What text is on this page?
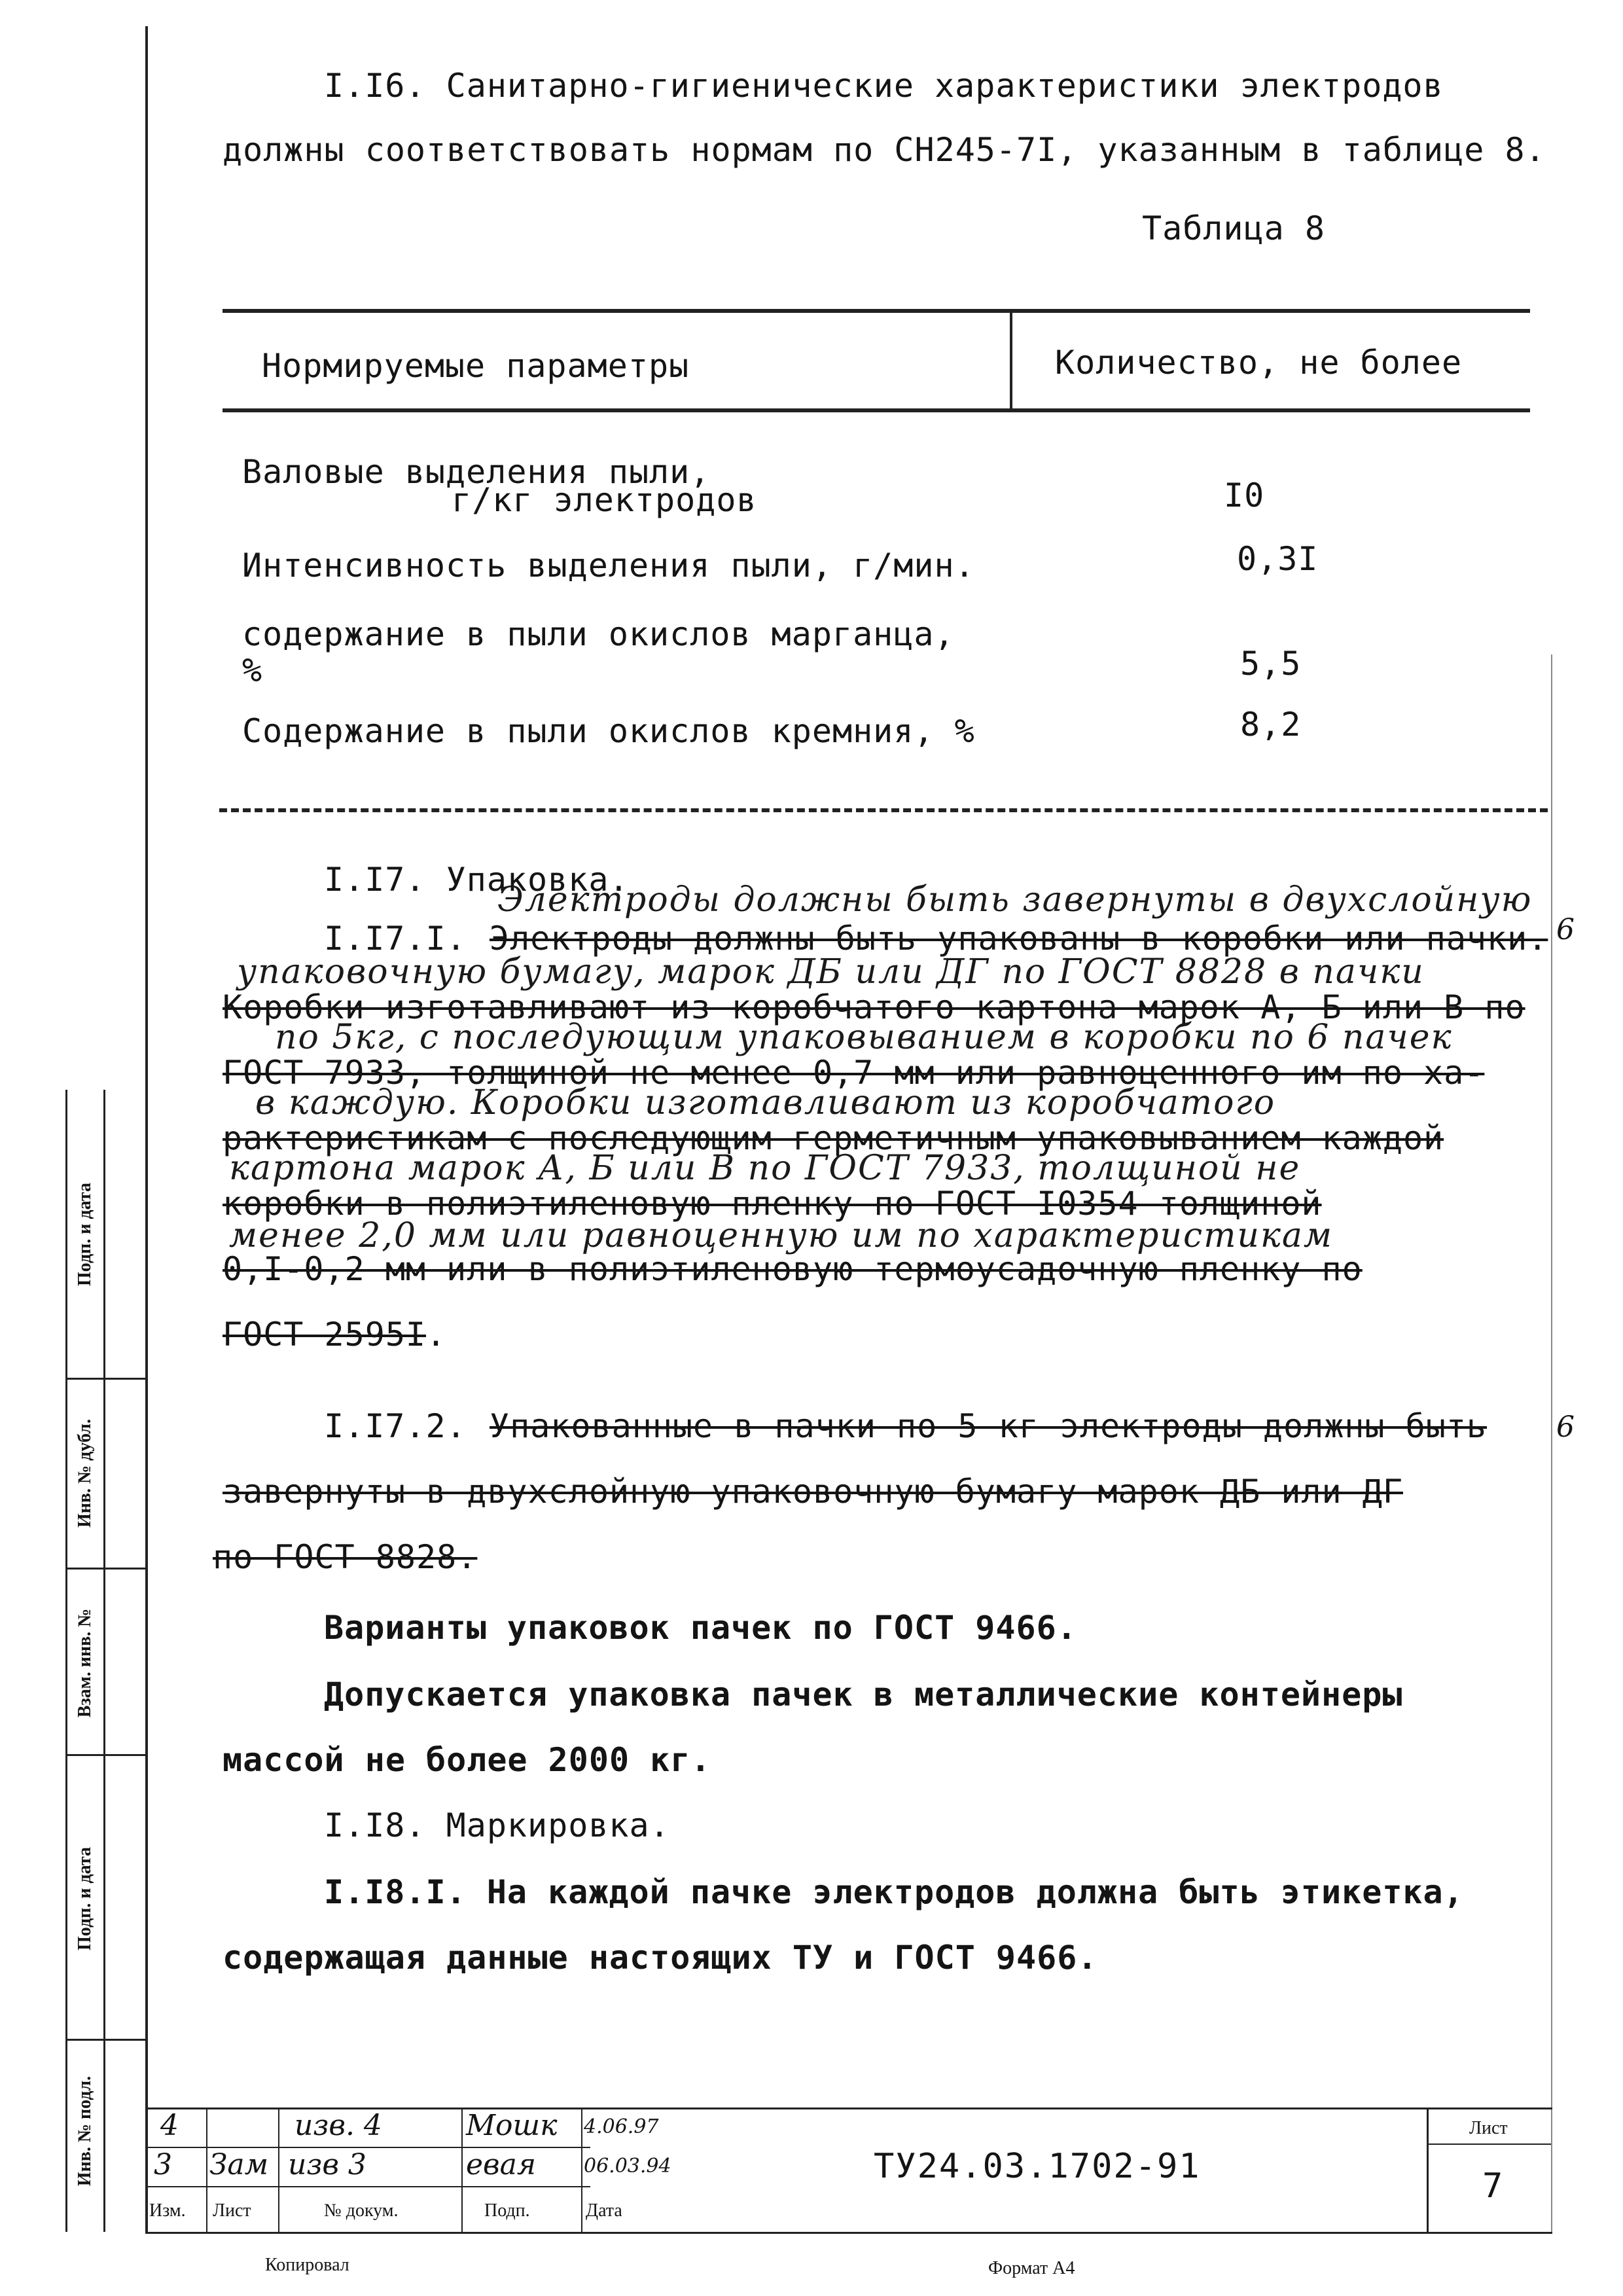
I.I6. Санитарно-гигиенические характеристики электродов
должны соответствовать нормам по СН245-7I, указанным в таблице 8.
Таблица 8
Нормируемые параметры	Количество, не более
Валовые выделения пыли,
г/кг электродов	I0
Интенсивность выделения пыли, г/мин.	0,3I
содержание в пыли окислов марганца,
%	5,5
Содержание в пыли окислов кремния, %	8,2
I.I7. Упаковка.
Электроды должны быть завернуты в двухслойную
I.I7.I. Электроды должны быть упакованы в коробки или пачки.
упаковочную бумагу, марок ДБ или ДГ по ГОСТ 8828 в пачки
Коробки изготавливают из коробчатого картона марок А, Б или В по
по 5кг, с последующим упаковыванием в коробки по 6 пачек
ГОСТ 7933, толщиной не менее 0,7 мм или равноценного им по ха-
в каждую. Коробки изготавливают из коробчатого
рактеристикам с последующим герметичным упаковыванием каждой
картона марок А, Б или В по ГОСТ 7933, толщиной не
коробки в полиэтиленовую пленку по ГОСТ I0354 толщиной
менее 2,0 мм или равноценную им по характеристикам
0,I-0,2 мм или в полиэтиленовую термоусадочную пленку по
ГОСТ 2595I.
6
I.I7.2. Упакованные в пачки по 5 кг электроды должны быть
завернуты в двухслойную упаковочную бумагу марок ДБ или ДГ
по ГОСТ 8828.
6
Варианты упаковок пачек по ГОСТ 9466.
Допускается упаковка пачек в металлические контейнеры
массой не более 2000 кг.
I.I8. Маркировка.
I.I8.I. На каждой пачке электродов должна быть этикетка,
содержащая данные настоящих ТУ и ГОСТ 9466.
Подп. и дата
Инв. № дубл.
Взам. инв. №
Подп. и дата
Инв. № подл. 4	изв. 4	Мошк 4.06.97
3 Зам изв 3	евая 06.03.94
Изм. Лист	№ докум.	Подп.	Дата
ТУ24.03.1702-91
Лист
7
Копировал	Формат А4
